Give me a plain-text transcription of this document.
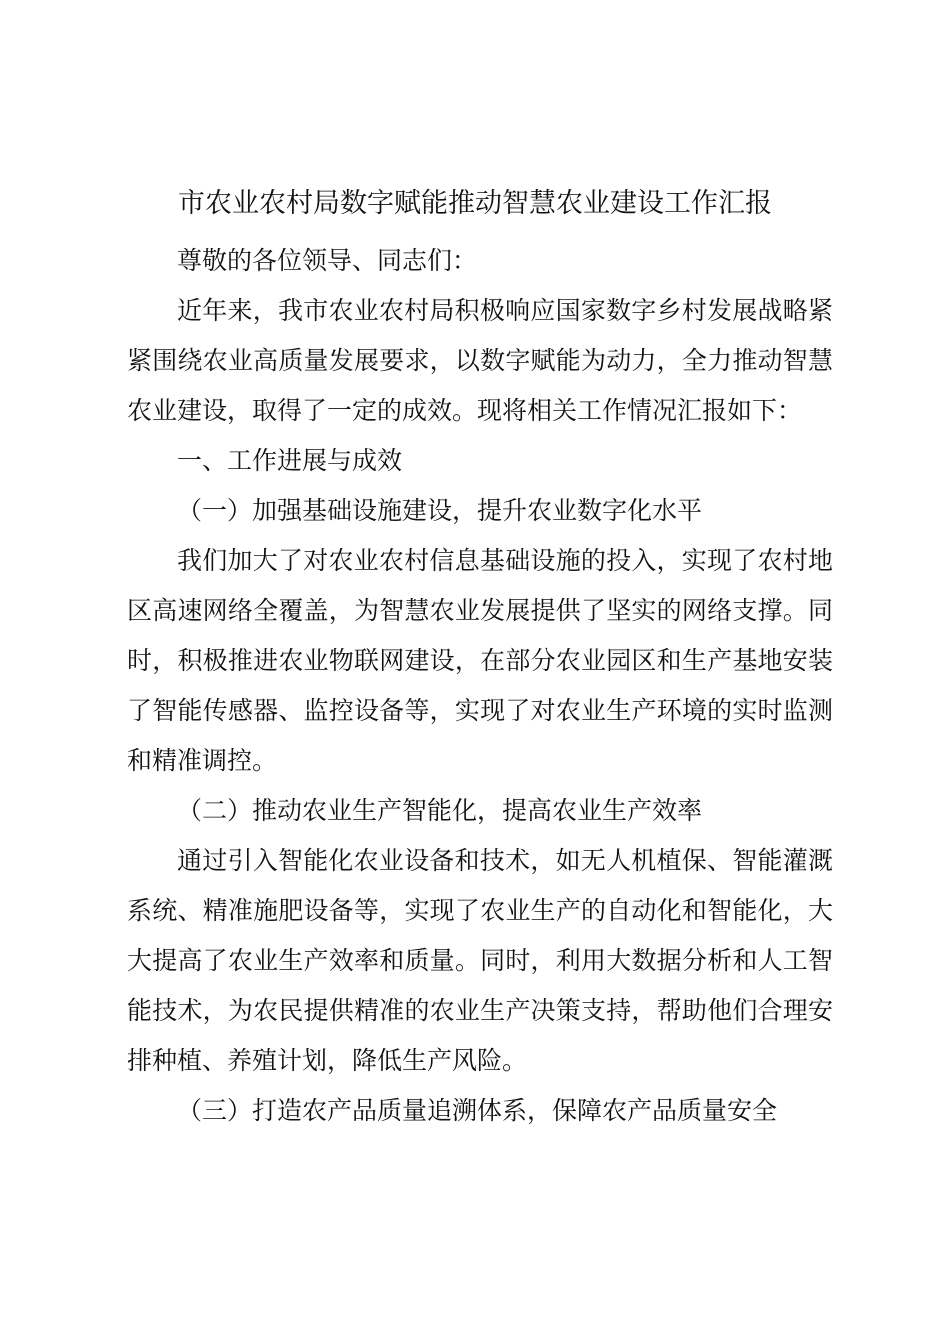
市农业农村局数字赋能推动智慧农业建设工作汇报

尊敬的各位领导、同志们：

近年来，我市农业农村局积极响应国家数字乡村发展战略紧紧围绕农业高质量发展要求，以数字赋能为动力，全力推动智慧农业建设，取得了一定的成效。现将相关工作情况汇报如下：

一、工作进展与成效

（一）加强基础设施建设，提升农业数字化水平

我们加大了对农业农村信息基础设施的投入，实现了农村地区高速网络全覆盖，为智慧农业发展提供了坚实的网络支撑。同时，积极推进农业物联网建设，在部分农业园区和生产基地安装了智能传感器、监控设备等，实现了对农业生产环境的实时监测和精准调控。

（二）推动农业生产智能化，提高农业生产效率

通过引入智能化农业设备和技术，如无人机植保、智能灌溉系统、精准施肥设备等，实现了农业生产的自动化和智能化，大大提高了农业生产效率和质量。同时，利用大数据分析和人工智能技术，为农民提供精准的农业生产决策支持，帮助他们合理安排种植、养殖计划，降低生产风险。

（三）打造农产品质量追溯体系，保障农产品质量安全
